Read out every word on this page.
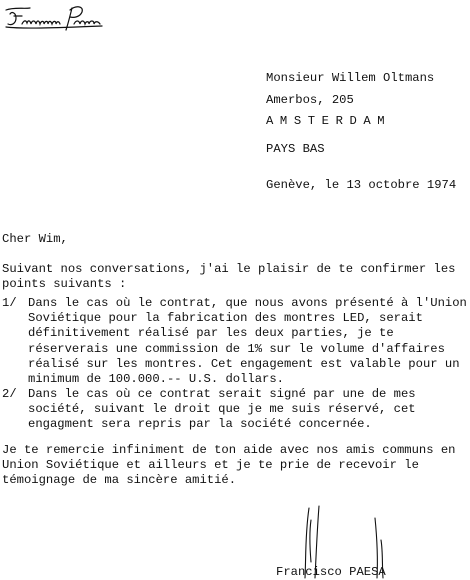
Monsieur Willem Oltmans
Amerbos, 205
AMSTERDAM
PAYS BAS
Genève, le 13 octobre 1974
Cher Wim,
Suivant nos conversations, j'ai le plaisir de te confirmer les points suivants :
1/ Dans le cas où le contrat, que nous avons présenté à l'Union Soviétique pour la fabrication des montres LED, serait définitivement réalisé par les deux parties, je te réserverais une commission de 1% sur le volume d'affaires réalisé sur les montres. Cet engagement est valable pour un minimum de 100.000.-- U.S. dollars.
2/ Dans le cas où ce contrat serait signé par une de mes société, suivant le droit que je me suis réservé, cet engagment sera repris par la société concernée.
Je te remercie infiniment de ton aide avec nos amis communs en Union Soviétique et ailleurs et je te prie de recevoir le témoignage de ma sincère amitié.
Francisco PAESA
